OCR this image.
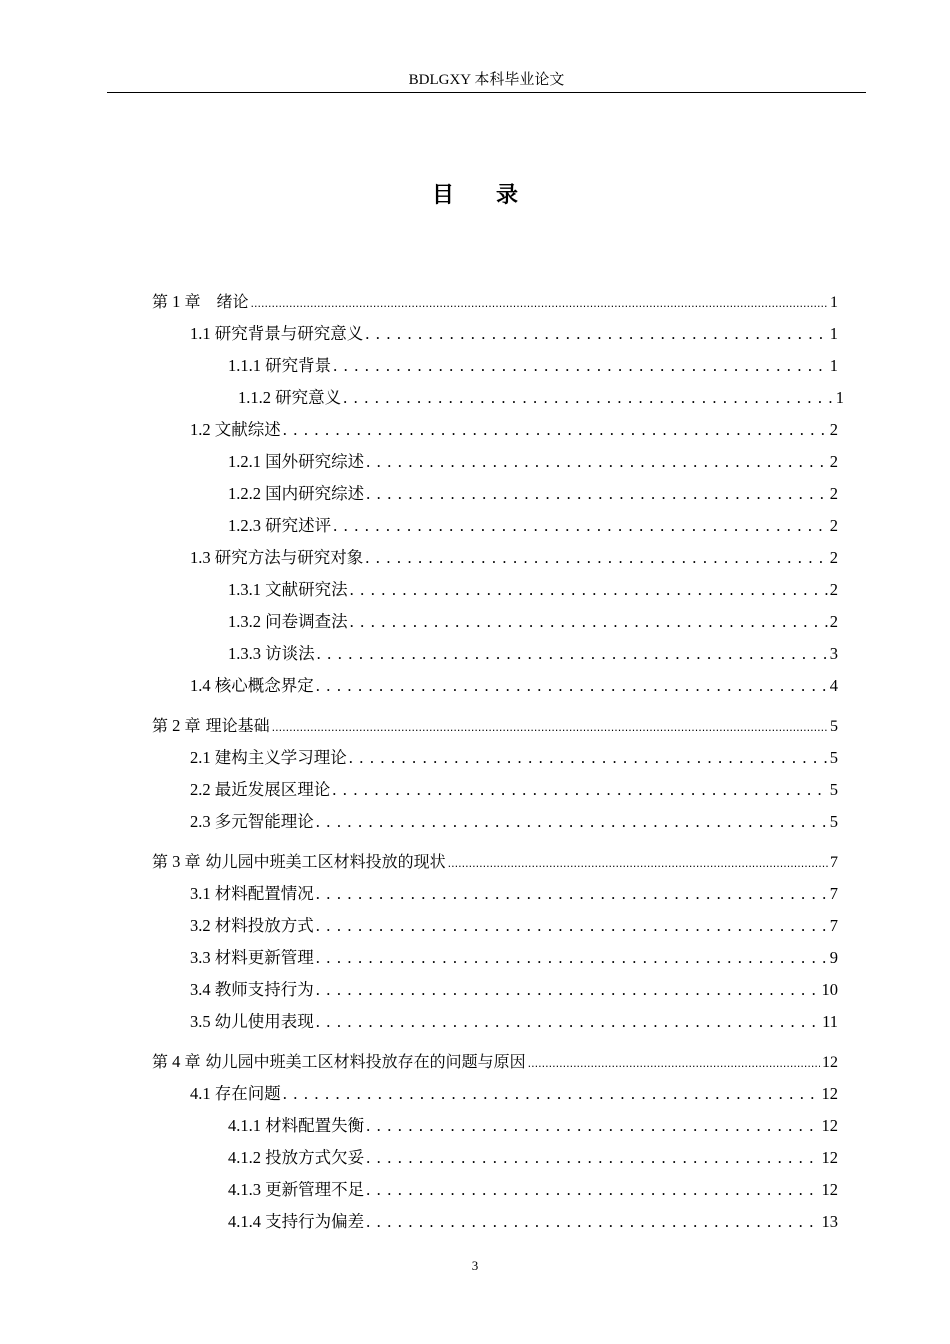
BDLGXY 本科毕业论文
目录
第 1 章　绪论 .....	1
1.1 研究背景与研究意义 . . .	1
1.1.1 研究背景 . . .	1
1.1.2 研究意义 . . .	1
1.2 文献综述 . . .	2
1.2.1 国外研究综述 . . .	2
1.2.2 国内研究综述 . . .	2
1.2.3 研究述评 . . .	2
1.3 研究方法与研究对象 . . .	2
1.3.1 文献研究法 . . .	2
1.3.2 问卷调查法 . . .	2
1.3.3 访谈法 . . .	3
1.4 核心概念界定 . . .	4
第 2 章 理论基础 .....	5
2.1 建构主义学习理论 . . .	5
2.2 最近发展区理论 . . .	5
2.3 多元智能理论 . . .	5
第 3 章 幼儿园中班美工区材料投放的现状 .....	7
3.1 材料配置情况 . . .	7
3.2 材料投放方式 . . .	7
3.3 材料更新管理 . . .	9
3.4 教师支持行为 . . .	10
3.5 幼儿使用表现 . . .	11
第 4 章 幼儿园中班美工区材料投放存在的问题与原因 .....	12
4.1 存在问题 . . .	12
4.1.1 材料配置失衡 . . .	12
4.1.2 投放方式欠妥 . . .	12
4.1.3 更新管理不足 . . .	12
4.1.4 支持行为偏差 . . .	13
3
